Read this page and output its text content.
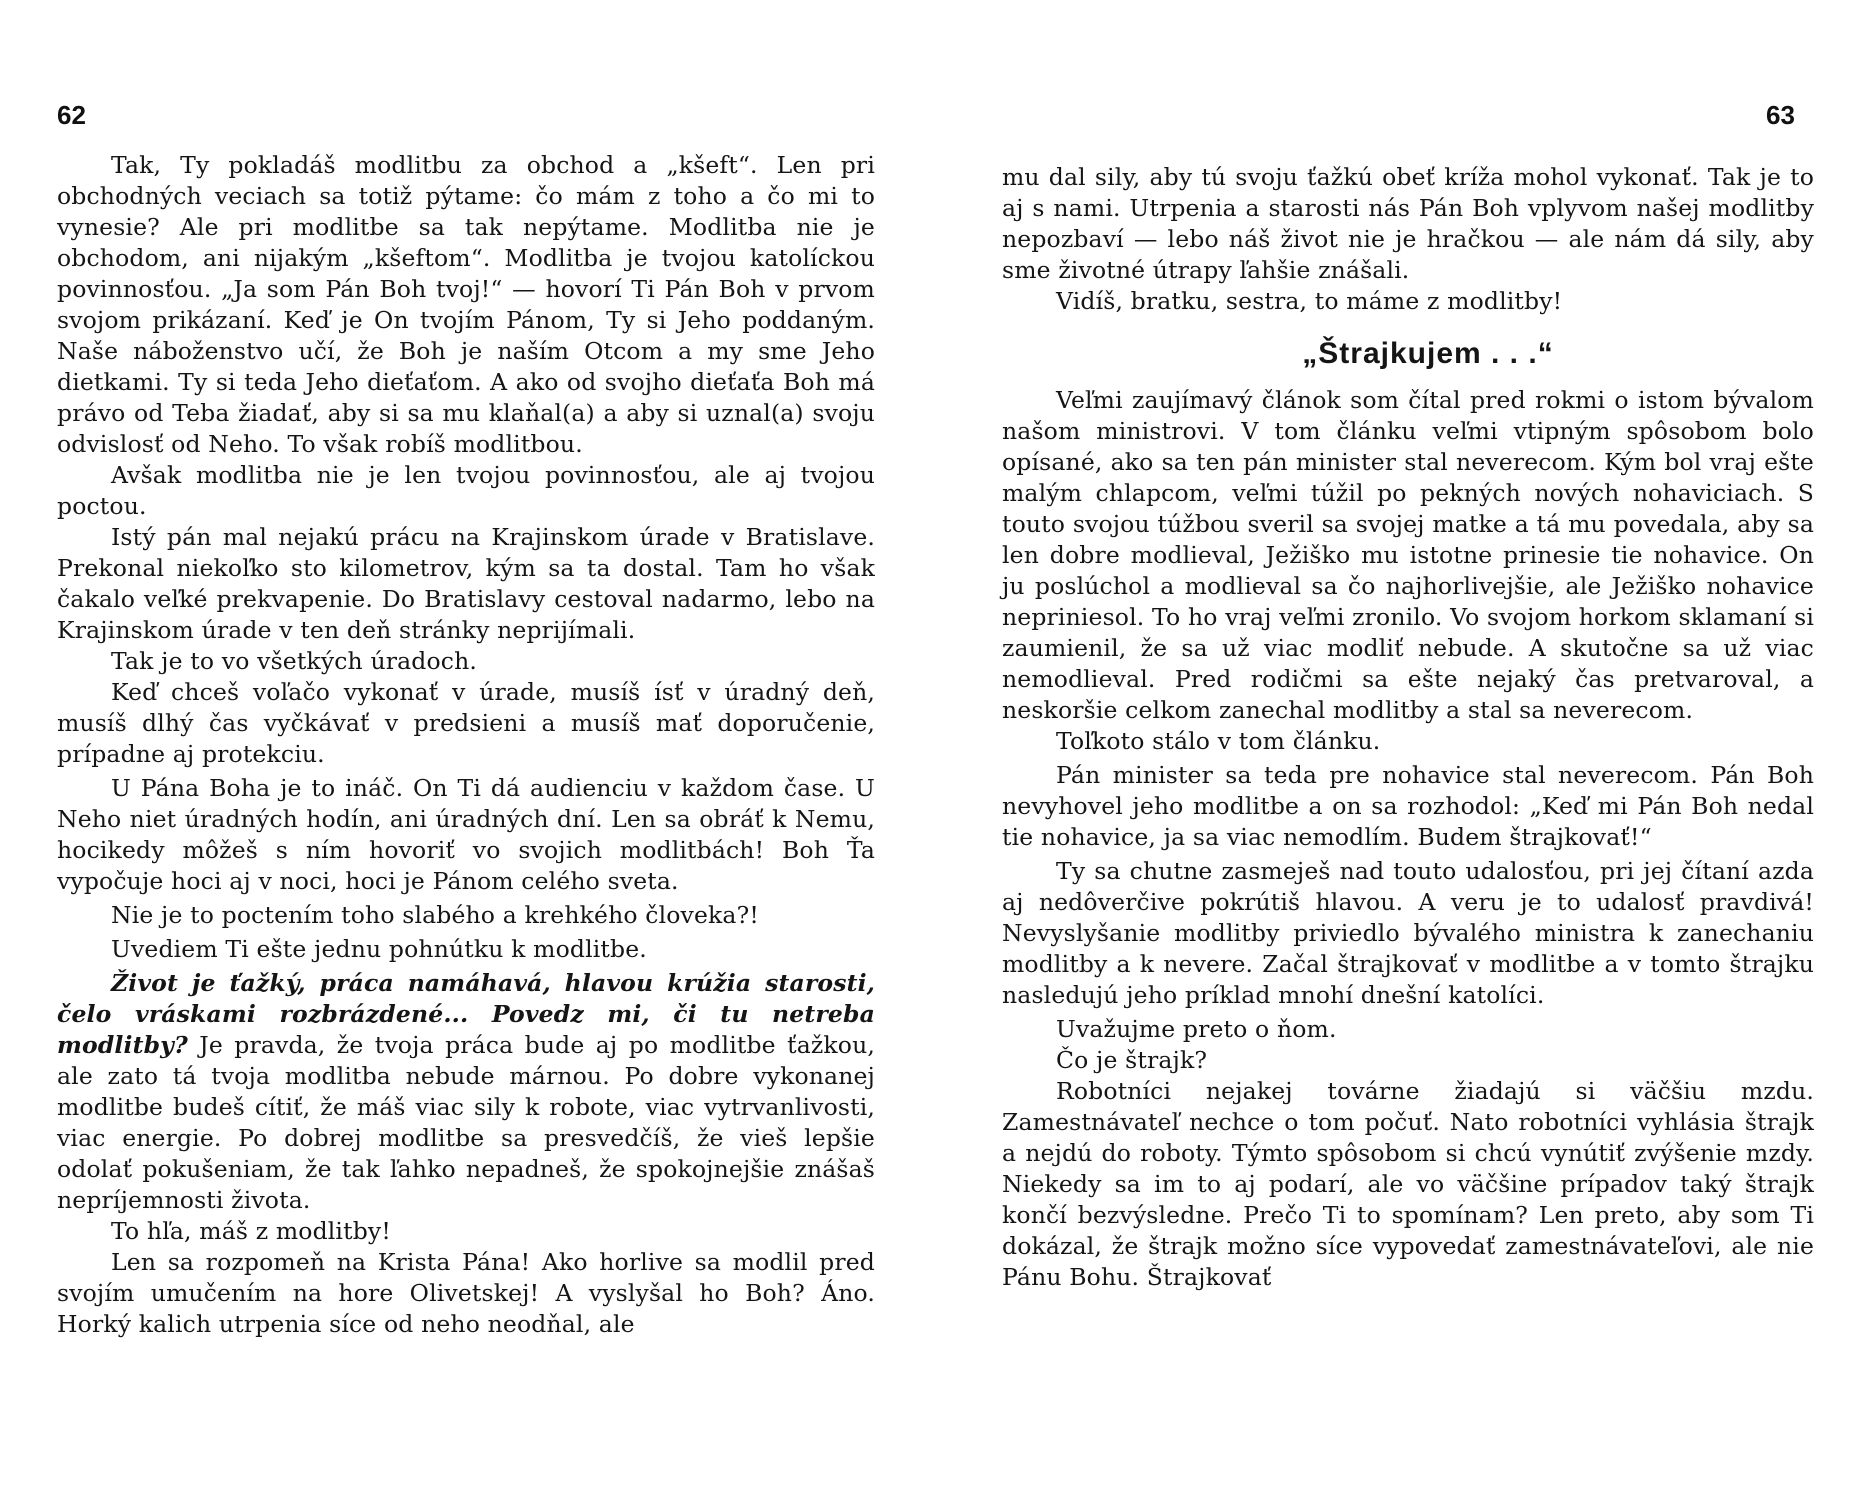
62	63

Tak, Ty pokladáš modlitbu za obchod a „kšeft“. Len pri obchodných veciach sa totiž pýtame: čo mám z toho a čo mi to vynesie? Ale pri modlitbe sa tak nepýtame. Modlitba nie je obchodom, ani nijakým „kšeftom“. Modlitba je tvojou katolíckou povinnosťou. „Ja som Pán Boh tvoj!“ — hovorí Ti Pán Boh v prvom svojom prikázaní. Keď je On tvojím Pánom, Ty si Jeho poddaným. Naše náboženstvo učí, že Boh je naším Otcom a my sme Jeho dietkami. Ty si teda Jeho dieťaťom. A ako od svojho dieťaťa Boh má právo od Teba žiadať, aby si sa mu klaňal(a) a aby si uznal(a) svoju odvislosť od Neho. To však robíš modlitbou.

Avšak modlitba nie je len tvojou povinnosťou, ale aj tvojou poctou.

Istý pán mal nejakú prácu na Krajinskom úrade v Bratislave. Prekonal niekoľko sto kilometrov, kým sa ta dostal. Tam ho však čakalo veľké prekvapenie. Do Bratislavy cestoval nadarmo, lebo na Krajinskom úrade v ten deň stránky neprijímali.

Tak je to vo všetkých úradoch.

Keď chceš voľačo vykonať v úrade, musíš ísť v úradný deň, musíš dlhý čas vyčkávať v predsieni a musíš mať doporučenie, prípadne aj protekciu.

U Pána Boha je to ináč. On Ti dá audienciu v každom čase. U Neho niet úradných hodín, ani úradných dní. Len sa obráť k Nemu, hocikedy môžeš s ním hovoriť vo svojich modlitbách! Boh Ťa vypočuje hoci aj v noci, hoci je Pánom celého sveta.

Nie je to poctením toho slabého a krehkého človeka?!

Uvediem Ti ešte jednu pohnútku k modlitbe.

Život je ťažký, práca namáhavá, hlavou krúžia starosti, čelo vráskami rozbrázdené... Povedz mi, či tu netreba modlitby? Je pravda, že tvoja práca bude aj po modlitbe ťažkou, ale zato tá tvoja modlitba nebude márnou. Po dobre vykonanej modlitbe budeš cítiť, že máš viac sily k robote, viac vytrvanlivosti, viac energie. Po dobrej modlitbe sa presvedčíš, že vieš lepšie odolať pokušeniam, že tak ľahko nepadneš, že spokojnejšie znášaš nepríjemnosti života.

To hľa, máš z modlitby!

Len sa rozpomeň na Krista Pána! Ako horlive sa modlil pred svojím umučením na hore Olivetskej! A vyslyšal ho Boh? Áno. Horký kalich utrpenia síce od neho neodňal, ale

mu dal sily, aby tú svoju ťažkú obeť kríža mohol vykonať. Tak je to aj s nami. Utrpenia a starosti nás Pán Boh vplyvom našej modlitby nepozbaví — lebo náš život nie je hračkou — ale nám dá sily, aby sme životné útrapy ľahšie znášali.

Vidíš, bratku, sestra, to máme z modlitby!

„Štrajkujem . . .“

Veľmi zaujímavý článok som čítal pred rokmi o istom bývalom našom ministrovi. V tom článku veľmi vtipným spôsobom bolo opísané, ako sa ten pán minister stal neverecom. Kým bol vraj ešte malým chlapcom, veľmi túžil po pekných nových nohaviciach. S touto svojou túžbou sveril sa svojej matke a tá mu povedala, aby sa len dobre modlieval, Ježiško mu istotne prinesie tie nohavice. On ju poslúchol a modlieval sa čo najhorlivejšie, ale Ježiško nohavice nepriniesol. To ho vraj veľmi zronilo. Vo svojom horkom sklamaní si zaumienil, že sa už viac modliť nebude. A skutočne sa už viac nemodlieval. Pred rodičmi sa ešte nejaký čas pretvaroval, a neskoršie celkom zanechal modlitby a stal sa neverecom.

Toľkoto stálo v tom článku.

Pán minister sa teda pre nohavice stal neverecom. Pán Boh nevyhovel jeho modlitbe a on sa rozhodol: „Keď mi Pán Boh nedal tie nohavice, ja sa viac nemodlím. Budem štrajkovať!“

Ty sa chutne zasmeješ nad touto udalosťou, pri jej čítaní azda aj nedôverčive pokrútiš hlavou. A veru je to udalosť pravdivá! Nevyslyšanie modlitby priviedlo bývalého ministra k zanechaniu modlitby a k nevere. Začal štrajkovať v modlitbe a v tomto štrajku nasledujú jeho príklad mnohí dnešní katolíci.

Uvažujme preto o ňom.

Čo je štrajk?

Robotníci nejakej továrne žiadajú si väčšiu mzdu. Zamestnávateľ nechce o tom počuť. Nato robotníci vyhlásia štrajk a nejdú do roboty. Týmto spôsobom si chcú vynútiť zvýšenie mzdy. Niekedy sa im to aj podarí, ale vo väčšine prípadov taký štrajk končí bezvýsledne. Prečo Ti to spomínam? Len preto, aby som Ti dokázal, že štrajk možno síce vypovedať zamestnávateľovi, ale nie Pánu Bohu. Štrajkovať
